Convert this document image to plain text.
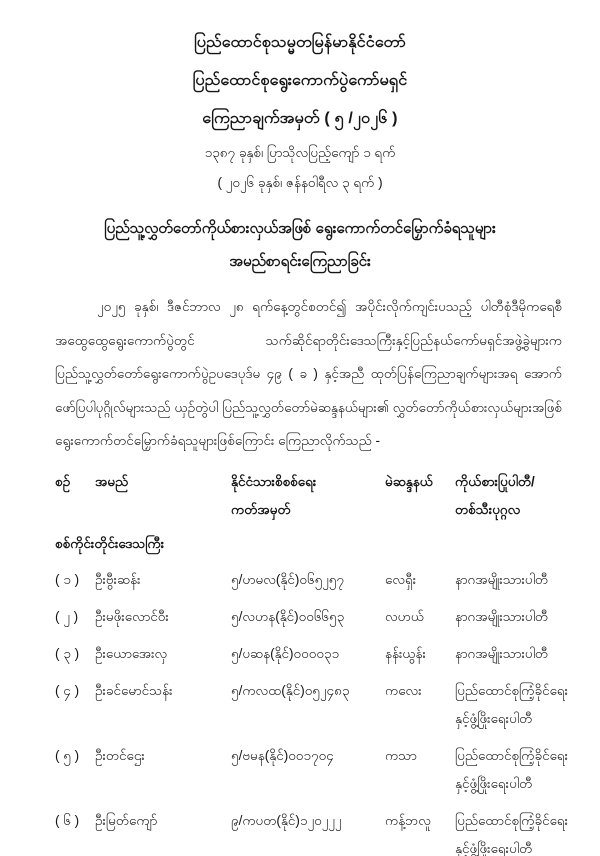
ပြည်ထောင်စုသမ္မတမြန်မာနိုင်ငံတော်
ပြည်ထောင်စုရွေးကောက်ပွဲကော်မရှင်
ကြေညာချက်အမှတ် ( ၅ /၂၀၂၆ )
၁၃၈၇ ခုနှစ်၊ ပြာသိုလပြည့်ကျော် ၁ ရက်
( ၂၀၂၆ ခုနှစ်၊ ဇန်နဝါရီလ ၃ ရက် )
ပြည်သူ့လွှတ်တော်ကိုယ်စားလှယ်အဖြစ် ရွေးကောက်တင်မြှောက်ခံရသူများ
အမည်စာရင်းကြေညာခြင်း

၂၀၂၅ ခုနှစ်၊ ဒီဇင်ဘာလ ၂၈ ရက်နေ့တွင်စတင်၍ အပိုင်းလိုက်ကျင်းပသည့် ပါတီစုံဒီမိုကရေစီအထွေထွေရွေးကောက်ပွဲတွင် သက်ဆိုင်ရာတိုင်းဒေသကြီးနှင့်ပြည်နယ်ကော်မရှင်အဖွဲ့ခွဲများက ပြည်သူ့လွှတ်တော်ရွေးကောက်ပွဲဥပဒေပုဒ်မ ၄၉ ( ခ ) နှင့်အညီ ထုတ်ပြန်ကြေညာချက်များအရ အောက်ဖော်ပြပါပုဂ္ဂိုလ်များသည် ယှဉ်တွဲပါ ပြည်သူ့လွှတ်တော်မဲဆန္ဒနယ်များ၏ လွှတ်တော်ကိုယ်စားလှယ်များအဖြစ် ရွေးကောက်တင်မြှောက်ခံရသူများဖြစ်ကြောင်း ကြေညာလိုက်သည် -

စဉ်	အမည်	နိုင်ငံသားစိစစ်ရေး
ကတ်အမှတ်
မဲဆန္ဒနယ်	ကိုယ်စားပြုပါတီ/
တစ်သီးပုဂ္ဂလ
စစ်ကိုင်းတိုင်းဒေသကြီး
( ၁ )	ဦးဗွီးဆန်း	၅/ဟမလ(နိုင်)၀၆၅၂၅၇	လေရှီး	နာဂအမျိုးသားပါတီ
( ၂ )	ဦးမဖိုးလောင်ဝီး	၅/လဟန(နိုင်)၀၀၆၆၅၃	လဟယ်	နာဂအမျိုးသားပါတီ
( ၃ )	ဦးယောအေးလှ	၅/ပဆန(နိုင်)၀၀၀၀၃၁	နန်းယွန်း	နာဂအမျိုးသားပါတီ
( ၄ )	ဦးခင်မောင်သန်း	၅/ကလထ(နိုင်)၀၅၂၄၈၃	ကလေး	ပြည်ထောင်စုကြံ့ခိုင်ရေး
နှင့်ဖွံ့ဖြိုးရေးပါတီ
( ၅ )	ဦးတင်ဌေး	၅/ဗမန(နိုင်)၀၀၁၇၀၄	ကသာ	ပြည်ထောင်စုကြံ့ခိုင်ရေး
နှင့်ဖွံ့ဖြိုးရေးပါတီ
( ၆ )	ဦးမြတ်ကျော်	၉/ကပတ(နိုင်)၁၂၀၂၂၂	ကန့်ဘလူ	ပြည်ထောင်စုကြံ့ခိုင်ရေး
နှင့်ဖွံ့ဖြိုးရေးပါတီ
